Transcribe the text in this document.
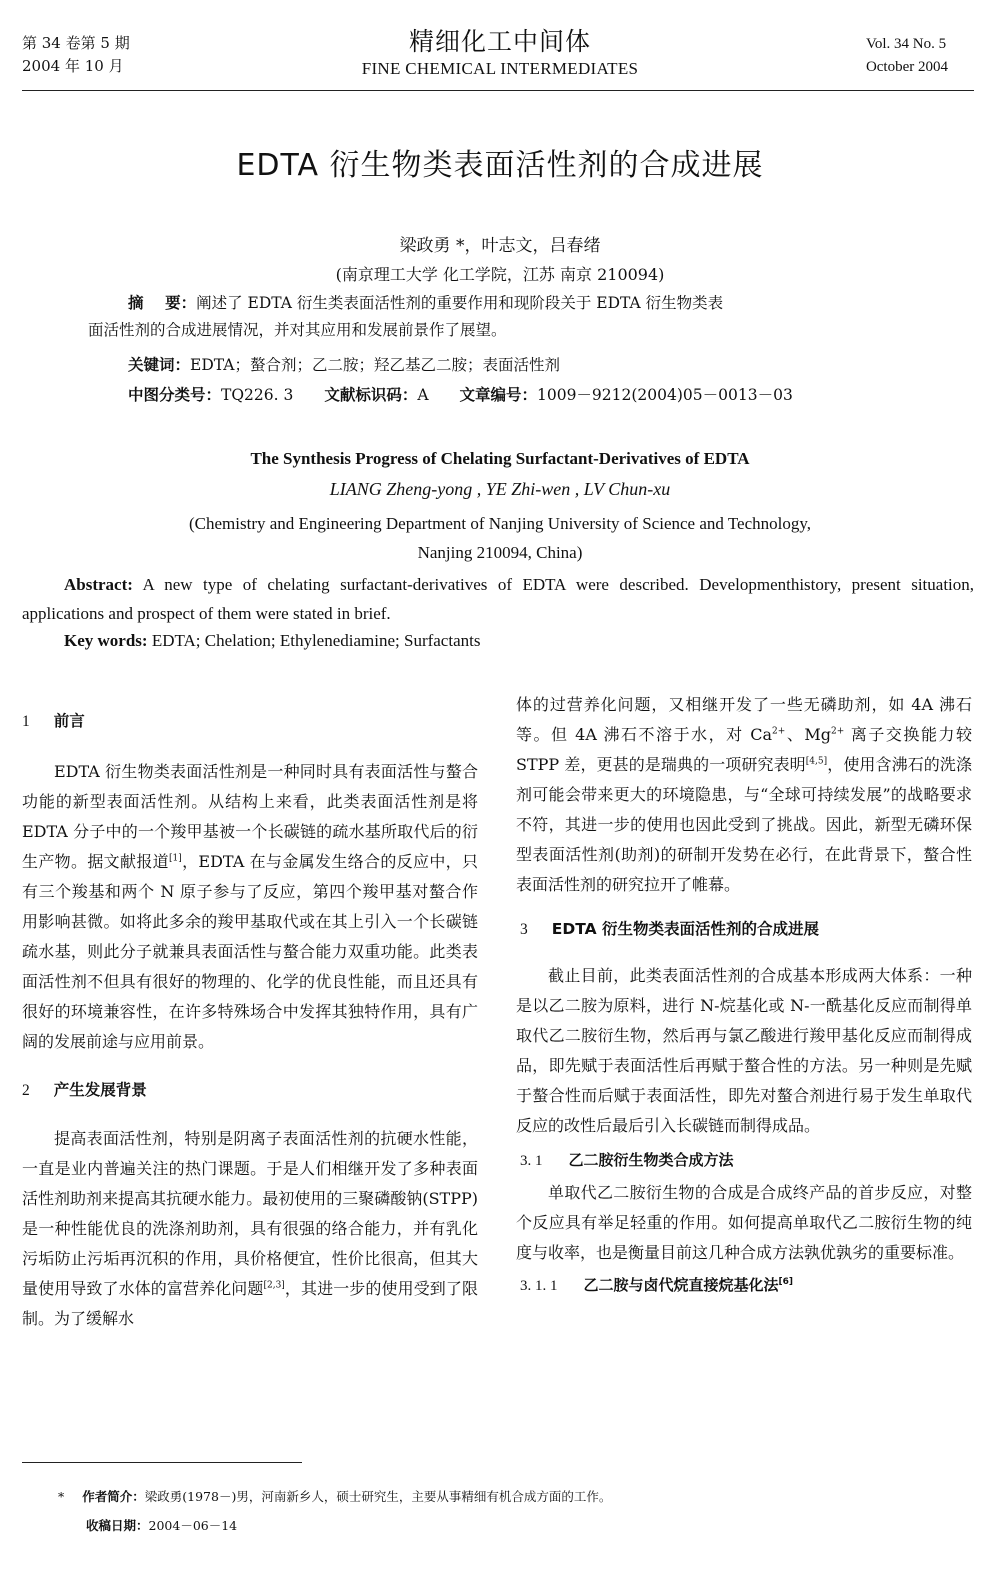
第 34 卷第 5 期
2004 年 10 月
精细化工中间体
FINE CHEMICAL INTERMEDIATES
Vol. 34 No. 5
October 2004
EDTA 衍生物类表面活性剂的合成进展
梁政勇 *，叶志文，吕春绪
(南京理工大学 化工学院，江苏 南京 210094)
摘    要：阐述了 EDTA 衍生类表面活性剂的重要作用和现阶段关于 EDTA 衍生物类表
面活性剂的合成进展情况，并对其应用和发展前景作了展望。
关键词：EDTA；螯合剂；乙二胺；羟乙基乙二胺；表面活性剂
中图分类号：TQ226. 3 文献标识码：A 文章编号：1009－9212(2004)05－0013－03
The Synthesis Progress of Chelating Surfactant-Derivatives of EDTA
LIANG Zheng-yong , YE Zhi-wen , LV Chun-xu
(Chemistry and Engineering Department of Nanjing University of Science and Technology,
Nanjing 210094, China)
Abstract: A new type of chelating surfactant-derivatives of EDTA were described. Developmenthistory, present situation, applications and prospect of them were stated in brief.
Key words: EDTA; Chelation; Ethylenediamine; Surfactants
1 前言

EDTA 衍生物类表面活性剂是一种同时具有表面活性与螯合功能的新型表面活性剂。从结构上来看，此类表面活性剂是将 EDTA 分子中的一个羧甲基被一个长碳链的疏水基所取代后的衍生产物。据文献报道[1]，EDTA 在与金属发生络合的反应中，只有三个羧基和两个 N 原子参与了反应，第四个羧甲基对螯合作用影响甚微。如将此多余的羧甲基取代或在其上引入一个长碳链疏水基，则此分子就兼具表面活性与螯合能力双重功能。此类表面活性剂不但具有很好的物理的、化学的优良性能，而且还具有很好的环境兼容性，在许多特殊场合中发挥其独特作用，具有广阔的发展前途与应用前景。

2 产生发展背景

提高表面活性剂，特别是阴离子表面活性剂的抗硬水性能，一直是业内普遍关注的热门课题。于是人们相继开发了多种表面活性剂助剂来提高其抗硬水能力。最初使用的三聚磷酸钠(STPP)是一种性能优良的洗涤剂助剂，具有很强的络合能力，并有乳化污垢防止污垢再沉积的作用，具价格便宜，性价比很高，但其大量使用导致了水体的富营养化问题[2,3]，其进一步的使用受到了限制。为了缓解水

体的过营养化问题，又相继开发了一些无磷助剂，如 4A 沸石等。但 4A 沸石不溶于水，对 $Ca^{2+}$、$Mg^{2+}$ 离子交换能力较 STPP 差，更甚的是瑞典的一项研究表明[4,5]，使用含沸石的洗涤剂可能会带来更大的环境隐患，与“全球可持续发展”的战略要求不符，其进一步的使用也因此受到了挑战。因此，新型无磷环保型表面活性剂(助剂)的研制开发势在必行，在此背景下，螯合性表面活性剂的研究拉开了帷幕。

3 EDTA 衍生物类表面活性剂的合成进展

截止目前，此类表面活性剂的合成基本形成两大体系：一种是以乙二胺为原料，进行 N-烷基化或 N-一酰基化反应而制得单取代乙二胺衍生物，然后再与氯乙酸进行羧甲基化反应而制得成品，即先赋于表面活性后再赋于螯合性的方法。另一种则是先赋于螯合性而后赋于表面活性，即先对螯合剂进行易于发生单取代反应的改性后最后引入长碳链而制得成品。

3. 1 乙二胺衍生物类合成方法

单取代乙二胺衍生物的合成是合成终产品的首步反应，对整个反应具有举足轻重的作用。如何提高单取代乙二胺衍生物的纯度与收率，也是衡量目前这几种合成方法孰优孰劣的重要标准。

3. 1. 1 乙二胺与卤代烷直接烷基化法[6]
* 作者简介：梁政勇(1978－)男，河南新乡人，硕士研究生，主要从事精细有机合成方面的工作。
收稿日期：2004－06－14
